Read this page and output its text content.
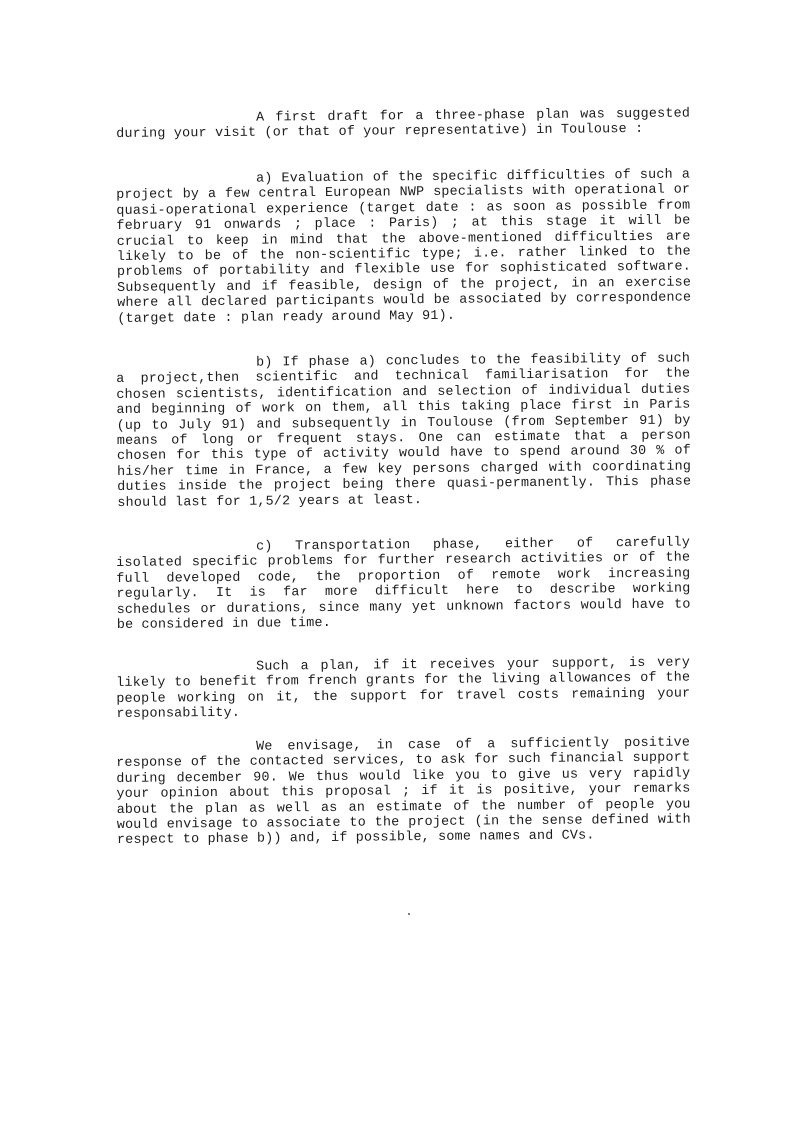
A first draft for a three-phase plan was suggested during your visit (or that of your representative) in Toulouse :

a) Evaluation of the specific difficulties of such a project by a few central European NWP specialists with operational or quasi-operational experience (target date : as soon as possible from february 91 onwards ; place : Paris) ; at this stage it will be crucial to keep in mind that the above-mentioned difficulties are likely to be of the non-scientific type; i.e. rather linked to the problems of portability and flexible use for sophisticated software. Subsequently and if feasible, design of the project, in an exercise where all declared participants would be associated by correspondence (target date : plan ready around May 91).

b) If phase a) concludes to the feasibility of such a project,then scientific and technical familiarisation for the chosen scientists, identification and selection of individual duties and beginning of work on them, all this taking place first in Paris (up to July 91) and subsequently in Toulouse (from September 91) by means of long or frequent stays. One can estimate that a person chosen for this type of activity would have to spend around 30 % of his/her time in France, a few key persons charged with coordinating duties inside the project being there quasi-permanently. This phase should last for 1,5/2 years at least.

c) Transportation phase, either of carefully isolated specific problems for further research activities or of the full developed code, the proportion of remote work increasing regularly. It is far more difficult here to describe working schedules or durations, since many yet unknown factors would have to be considered in due time.

Such a plan, if it receives your support, is very likely to benefit from french grants for the living allowances of the people working on it, the support for travel costs remaining your responsability.

We envisage, in case of a sufficiently positive response of the contacted services, to ask for such financial support during december 90. We thus would like you to give us very rapidly your opinion about this proposal ; if it is positive, your remarks about the plan as well as an estimate of the number of people you would envisage to associate to the project (in the sense defined with respect to phase b)) and, if possible, some names and CVs.
